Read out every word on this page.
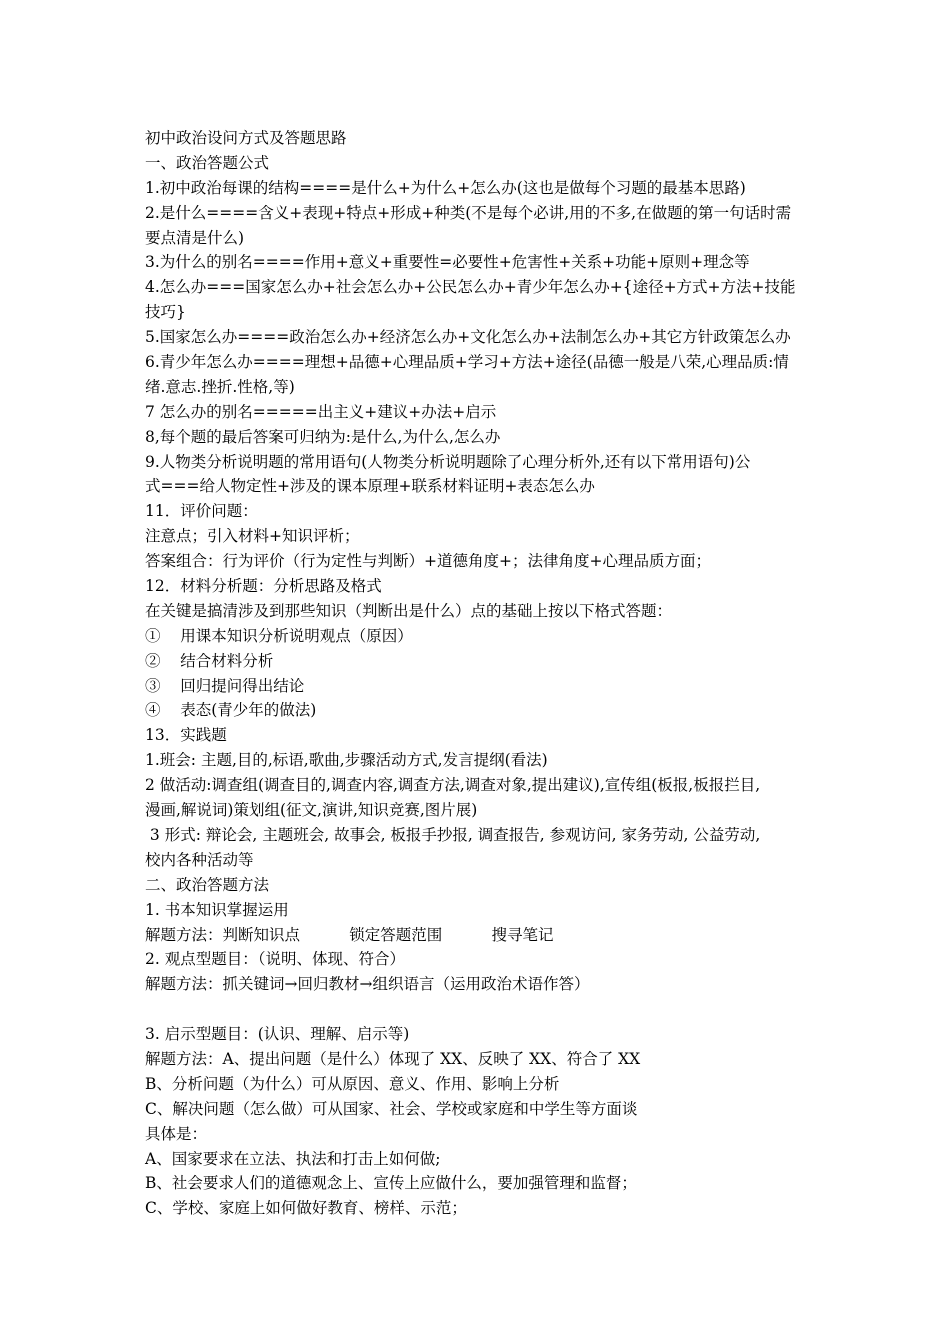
初中政治设问方式及答题思路
一、政治答题公式
1.初中政治每课的结构====是什么+为什么+怎么办(这也是做每个习题的最基本思路)
2.是什么====含义+表现+特点+形成+种类(不是每个必讲,用的不多,在做题的第一句话时需
要点清是什么)
3.为什么的别名====作用+意义+重要性=必要性+危害性+关系+功能+原则+理念等
4.怎么办===国家怎么办+社会怎么办+公民怎么办+青少年怎么办+{途径+方式+方法+技能
技巧}
5.国家怎么办====政治怎么办+经济怎么办+文化怎么办+法制怎么办+其它方针政策怎么办
6.青少年怎么办====理想+品德+心理品质+学习+方法+途径(品德一般是八荣,心理品质:情
绪.意志.挫折.性格,等)
7 怎么办的别名=====出主义+建议+办法+启示
8,每个题的最后答案可归纳为:是什么,为什么,怎么办
9.人物类分析说明题的常用语句(人物类分析说明题除了心理分析外,还有以下常用语句)公
式===给人物定性+涉及的课本原理+联系材料证明+表态怎么办
11．评价问题：
注意点；引入材料+知识评析；
答案组合：行为评价（行为定性与判断）+道德角度+；法律角度+心理品质方面；
12．材料分析题：分析思路及格式
在关键是搞清涉及到那些知识（判断出是什么）点的基础上按以下格式答题：
①    用课本知识分析说明观点（原因）
②    结合材料分析
③    回归提问得出结论
④    表态(青少年的做法)
13．实践题
1.班会: 主题,目的,标语,歌曲,步骤活动方式,发言提纲(看法)
2 做活动:调查组(调查目的,调查内容,调查方法,调查对象,提出建议),宣传组(板报,板报拦目,
漫画,解说词)策划组(征文,演讲,知识竞赛,图片展)
3 形式: 辩论会, 主题班会, 故事会, 板报手抄报, 调查报告, 参观访问, 家务劳动, 公益劳动,
校内各种活动等
二、政治答题方法
1. 书本知识掌握运用
解题方法：判断知识点          锁定答题范围          搜寻笔记
2. 观点型题目：（说明、体现、符合）
解题方法：抓关键词→回归教材→组织语言（运用政治术语作答）
3. 启示型题目：(认识、理解、启示等)
解题方法：A、提出问题（是什么）体现了 XX、反映了 XX、符合了 XX
B、分析问题（为什么）可从原因、意义、作用、影响上分析
C、解决问题（怎么做）可从国家、社会、学校或家庭和中学生等方面谈
具体是：
A、国家要求在立法、执法和打击上如何做;
B、社会要求人们的道德观念上、宣传上应做什么，要加强管理和监督；
C、学校、家庭上如何做好教育、榜样、示范；
